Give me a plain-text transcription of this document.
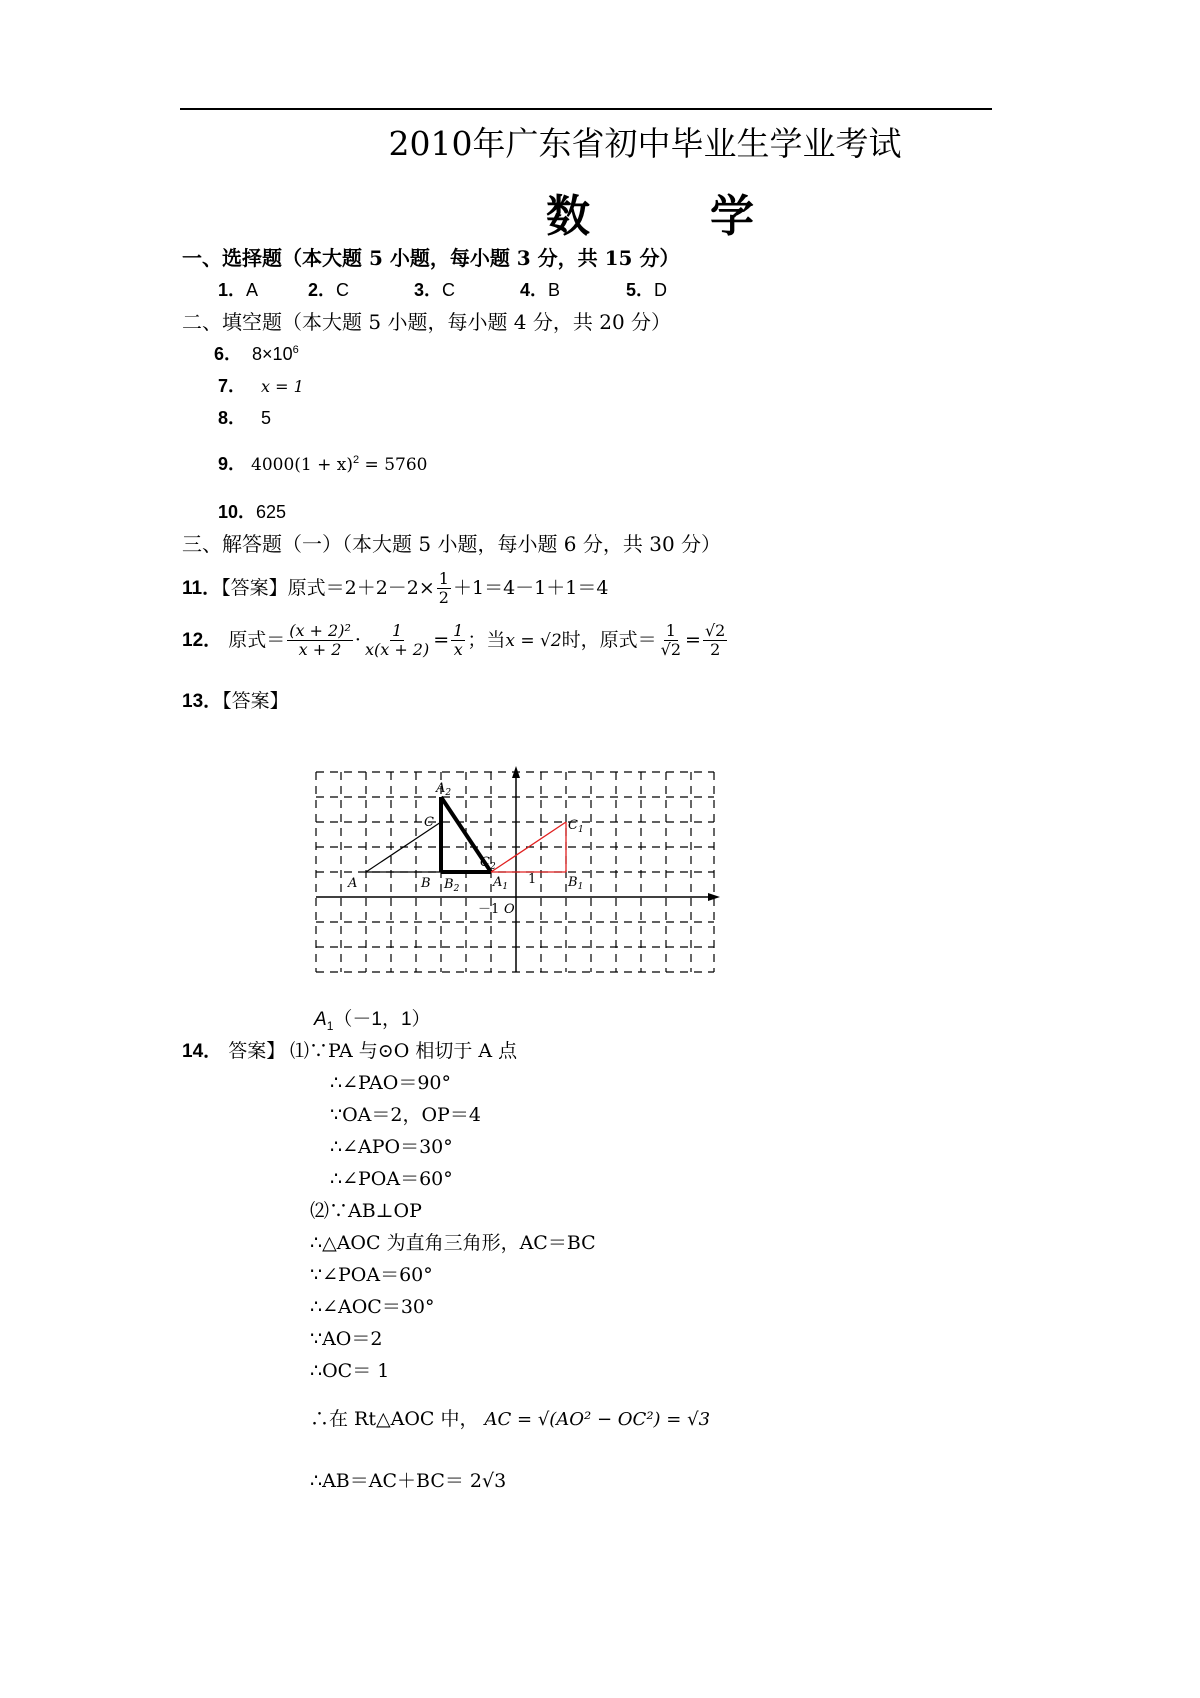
2010年广东省初中毕业生学业考试
数	学
一、选择题（本大题 5 小题，每小题 3 分，共 15 分）
1．A	2．C	3．C	4．B	5．D
二、填空题（本大题 5 小题，每小题 4 分，共 20 分）
6． $8\times 10^6$
7． x = 1
8． 5
9． $4000(1 + x)^2 = 5760$
10．625
三、解答题（一）（本大题 5 小题，每小题 6 分，共 30 分）
11．【答案】原式$=2+2-2\times \frac{1}{2} +1=4-1+1=4$
12． 原式＝ $\frac{\text{(x + 2)²}}{x + 2} \cdot \frac{1}{x(x + 2)} = \frac{1}{x}$ ；当x = √2时，原式＝ $\frac{1}{√2} = \frac{√2}{2}$
13．【答案】
A	B
C
$A_2$
$B_2$
$C_2$
$A_1$	$B_1$
$C_1$
O
－1
1
$A_1(-1$，1）
14． 答案】 ⑴∵PA 与⊙O 相切于 A 点
∴∠PAO＝90°
∵OA＝2，OP＝4
∴∠APO＝30°
∴∠POA＝60°
⑵∵AB⊥OP
∴△AOC 为直角三角形，AC＝BC
∵∠POA＝60°
∴∠AOC＝30°
∵AO＝2
∴OC＝ 1
∴在 Rt△AOC 中， AC = √(AO² − OC²) = √3
∴AB＝AC＋BC＝ 2√3
